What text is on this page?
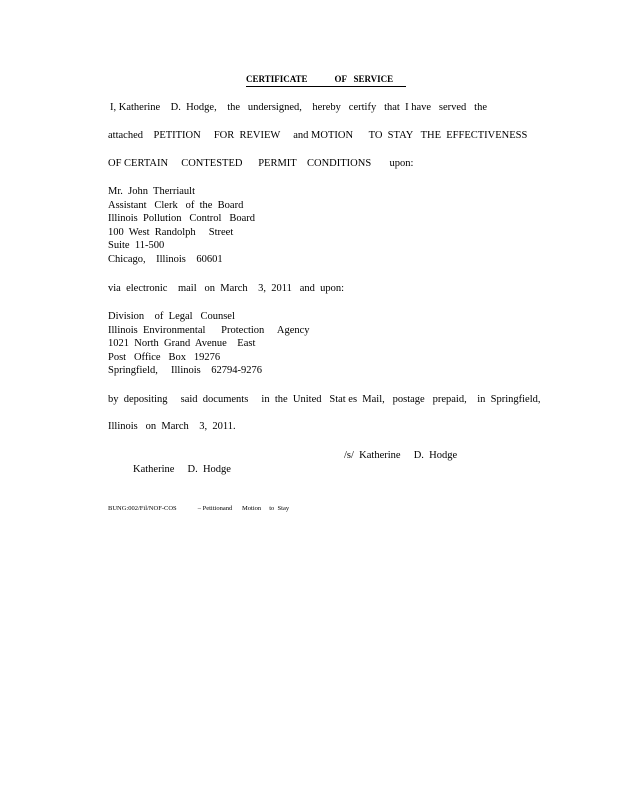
CERTIFICATE            OF   SERVICE
I, Katherine    D.  Hodge,    the   undersigned,    hereby   certify   that  I have   served   the
attached    PETITION     FOR  REVIEW     and MOTION      TO  STAY   THE  EFFECTIVENESS
OF CERTAIN     CONTESTED      PERMIT    CONDITIONS       upon:
Mr.  John  Therriault
Assistant   Clerk   of  the  Board
Illinois  Pollution   Control   Board
100  West  Randolph     Street
Suite  11-500
Chicago,    Illinois    60601
via  electronic    mail   on  March    3,  2011   and  upon:
Division    of  Legal   Counsel
Illinois  Environmental      Protection     Agency
1021  North  Grand  Avenue    East
Post   Office   Box   19276
Springfield,     Illinois    62794-9276
by  depositing     said  documents     in  the  United   Stat es  Mail,   postage   prepaid,    in  Springfield,
Illinois   on  March    3,  2011.
/s/  Katherine     D.  Hodge
Katherine     D.  Hodge
BUNG:002/Fil/NOF-COS             – Petitionand      Motion     to  Stay
